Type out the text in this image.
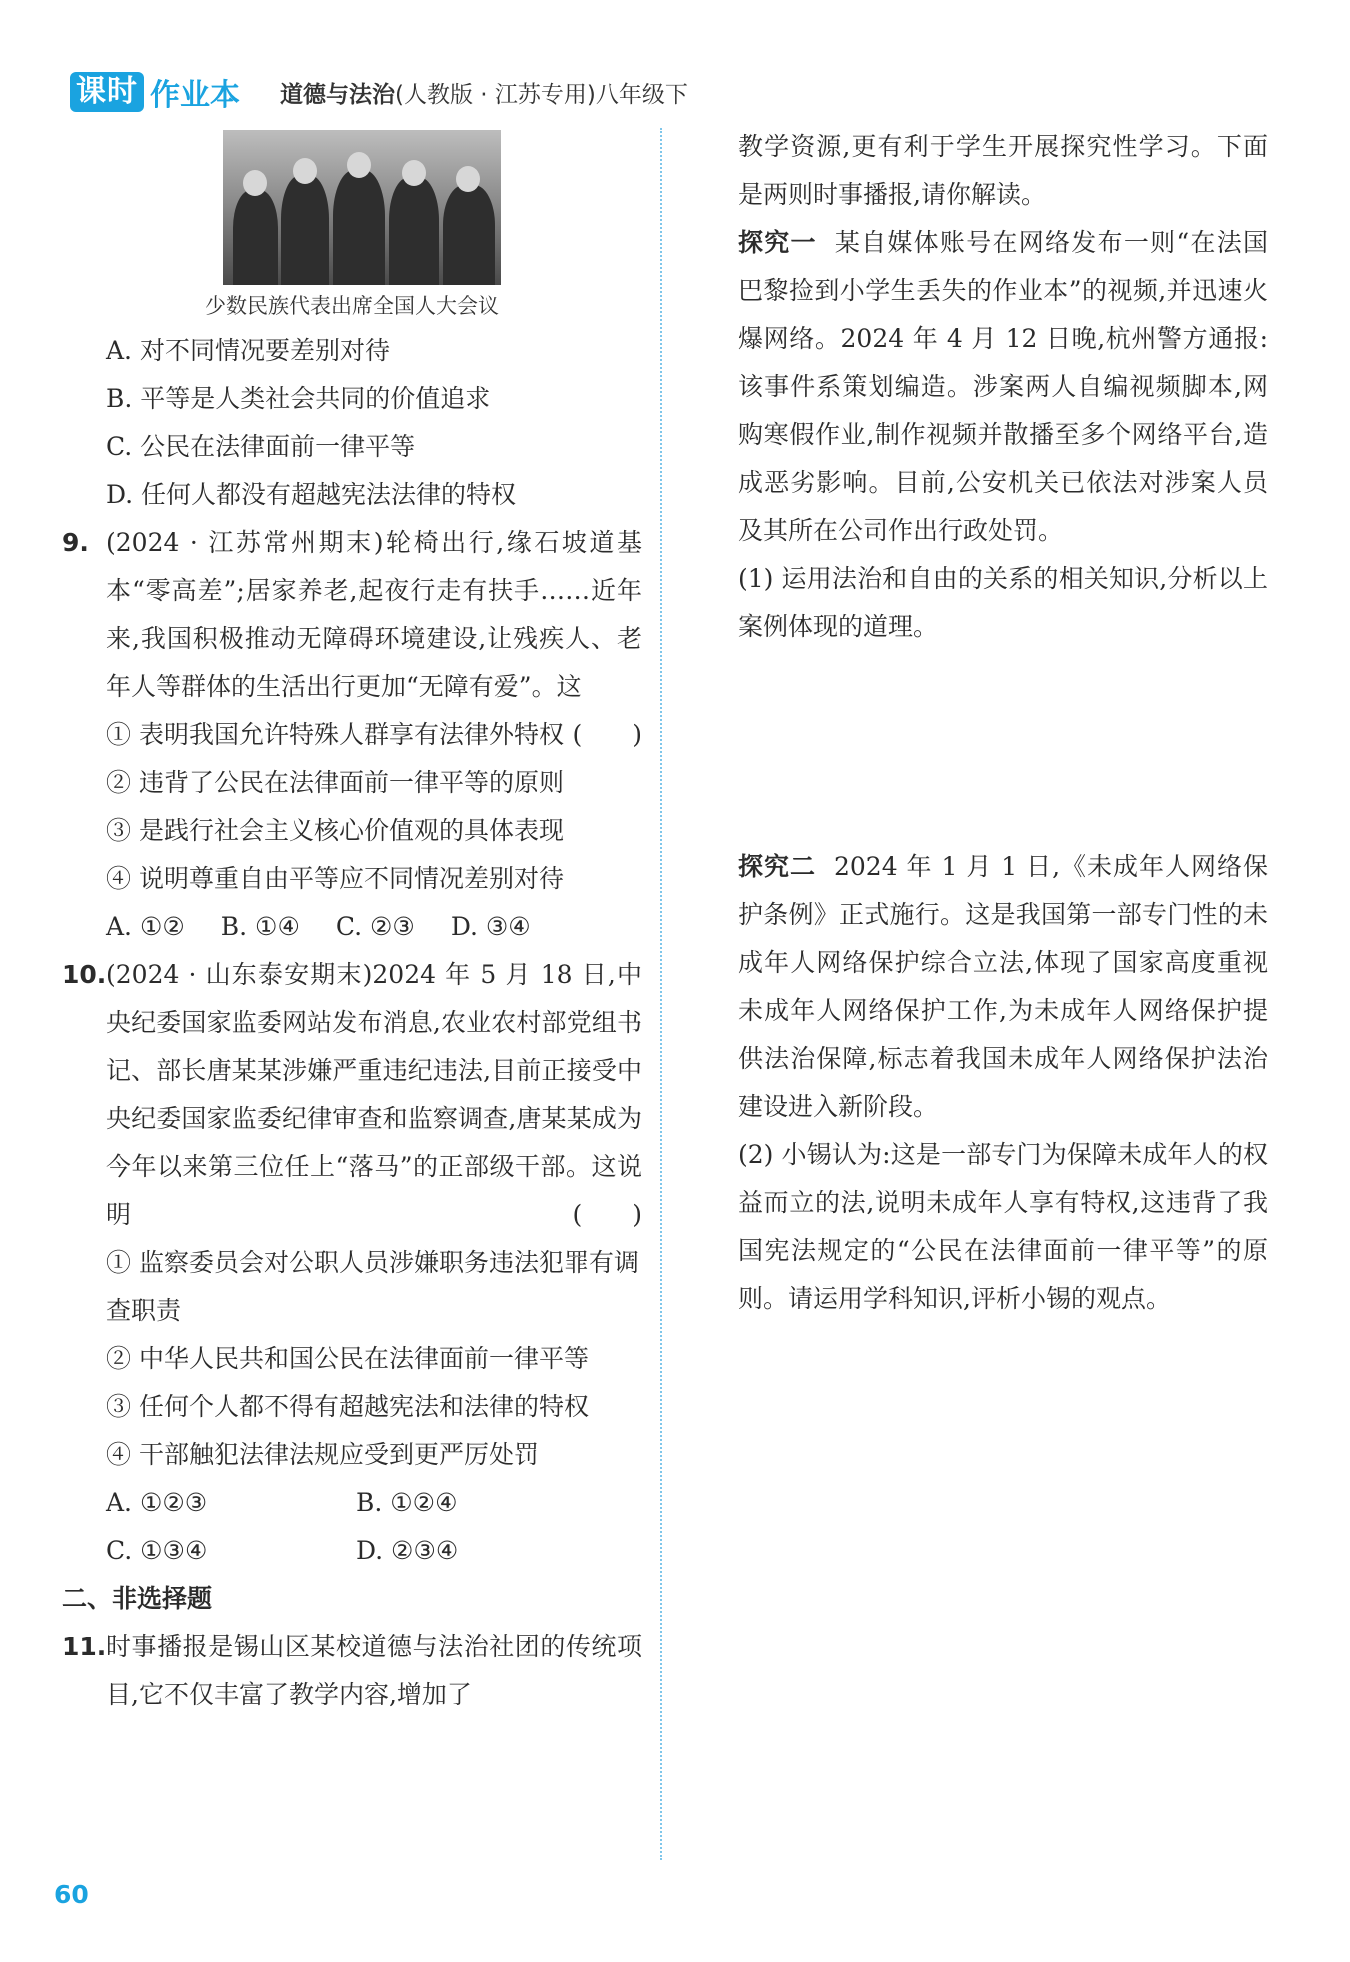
课时 作业本 道德与法治(人教版 · 江苏专用)八年级下
少数民族代表出席全国人大会议
A. 对不同情况要差别对待
B. 平等是人类社会共同的价值追求
C. 公民在法律面前一律平等
D. 任何人都没有超越宪法法律的特权
9. (2024 · 江苏常州期末)轮椅出行,缘石坡道基本“零高差”;居家养老,起夜行走有扶手……近年来,我国积极推动无障碍环境建设,让残疾人、老年人等群体的生活出行更加“无障有爱”。这
(　　)
① 表明我国允许特殊人群享有法律外特权
② 违背了公民在法律面前一律平等的原则
③ 是践行社会主义核心价值观的具体表现
④ 说明尊重自由平等应不同情况差别对待
A. ①② B. ①④ C. ②③ D. ③④
10. (2024 · 山东泰安期末)2024 年 5 月 18 日,中央纪委国家监委网站发布消息,农业农村部党组书记、部长唐某某涉嫌严重违纪违法,目前正接受中央纪委国家监委纪律审查和监察调查,唐某某成为今年以来第三位任上“落马”的正部级干部。这说明	(　　)
① 监察委员会对公职人员涉嫌职务违法犯罪有调查职责
② 中华人民共和国公民在法律面前一律平等
③ 任何个人都不得有超越宪法和法律的特权
④ 干部触犯法律法规应受到更严厉处罚
A. ①②③	B. ①②④
C. ①③④	D. ②③④
二、非选择题
11. 时事播报是锡山区某校道德与法治社团的传统项目,它不仅丰富了教学内容,增加了
教学资源,更有利于学生开展探究性学习。下面是两则时事播报,请你解读。
探究一 某自媒体账号在网络发布一则“在法国巴黎捡到小学生丢失的作业本”的视频,并迅速火爆网络。2024 年 4 月 12 日晚,杭州警方通报:该事件系策划编造。涉案两人自编视频脚本,网购寒假作业,制作视频并散播至多个网络平台,造成恶劣影响。目前,公安机关已依法对涉案人员及其所在公司作出行政处罚。
(1) 运用法治和自由的关系的相关知识,分析以上案例体现的道理。
探究二 2024 年 1 月 1 日,《未成年人网络保护条例》正式施行。这是我国第一部专门性的未成年人网络保护综合立法,体现了国家高度重视未成年人网络保护工作,为未成年人网络保护提供法治保障,标志着我国未成年人网络保护法治建设进入新阶段。
(2) 小锡认为:这是一部专门为保障未成年人的权益而立的法,说明未成年人享有特权,这违背了我国宪法规定的“公民在法律面前一律平等”的原则。请运用学科知识,评析小锡的观点。
60
